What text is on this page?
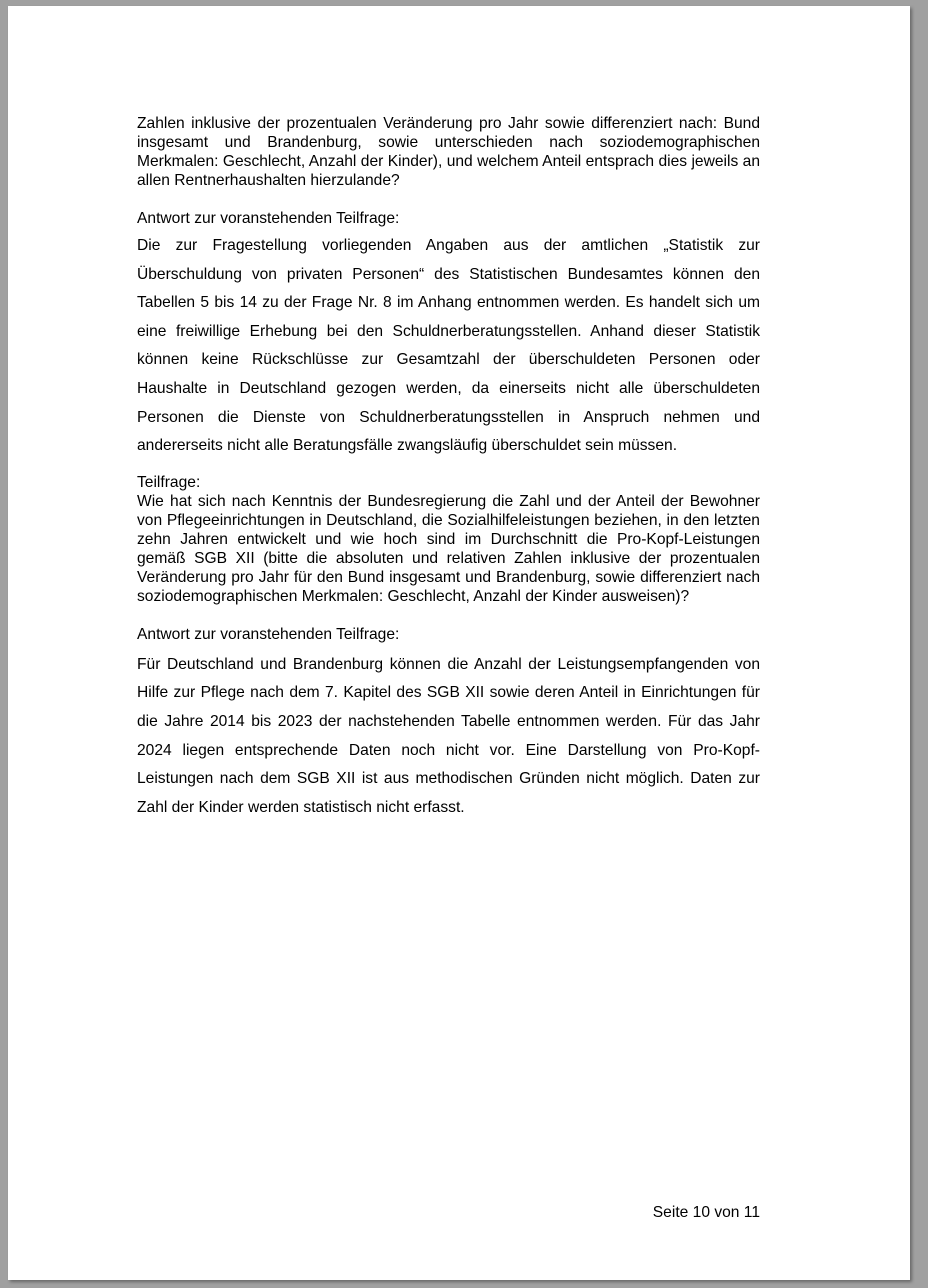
Zahlen inklusive der prozentualen Veränderung pro Jahr sowie differenziert nach: Bund insgesamt und Brandenburg, sowie unterschieden nach soziodemographischen Merkmalen: Geschlecht, Anzahl der Kinder), und welchem Anteil entsprach dies jeweils an allen Rentnerhaushalten hierzulande?

Antwort zur voranstehenden Teilfrage:

Die zur Fragestellung vorliegenden Angaben aus der amtlichen „Statistik zur Überschuldung von privaten Personen“ des Statistischen Bundesamtes können den Tabellen 5 bis 14 zu der Frage Nr. 8 im Anhang entnommen werden. Es handelt sich um eine freiwillige Erhebung bei den Schuldnerberatungsstellen. Anhand dieser Statistik können keine Rückschlüsse zur Gesamtzahl der überschuldeten Personen oder Haushalte in Deutschland gezogen werden, da einerseits nicht alle überschuldeten Personen die Dienste von Schuldnerberatungsstellen in Anspruch nehmen und andererseits nicht alle Beratungsfälle zwangsläufig überschuldet sein müssen.

Teilfrage:

Wie hat sich nach Kenntnis der Bundesregierung die Zahl und der Anteil der Bewohner von Pflegeeinrichtungen in Deutschland, die Sozialhilfeleistungen beziehen, in den letzten zehn Jahren entwickelt und wie hoch sind im Durchschnitt die Pro-Kopf-Leistungen gemäß SGB XII (bitte die absoluten und relativen Zahlen inklusive der prozentualen Veränderung pro Jahr für den Bund insgesamt und Brandenburg, sowie differenziert nach soziodemographischen Merkmalen: Geschlecht, Anzahl der Kinder ausweisen)?

Antwort zur voranstehenden Teilfrage:

Für Deutschland und Brandenburg können die Anzahl der Leistungsempfangenden von Hilfe zur Pflege nach dem 7. Kapitel des SGB XII sowie deren Anteil in Einrichtungen für die Jahre 2014 bis 2023 der nachstehenden Tabelle entnommen werden. Für das Jahr 2024 liegen entsprechende Daten noch nicht vor. Eine Darstellung von Pro-Kopf-Leistungen nach dem SGB XII ist aus methodischen Gründen nicht möglich. Daten zur Zahl der Kinder werden statistisch nicht erfasst.

Seite 10 von 11
